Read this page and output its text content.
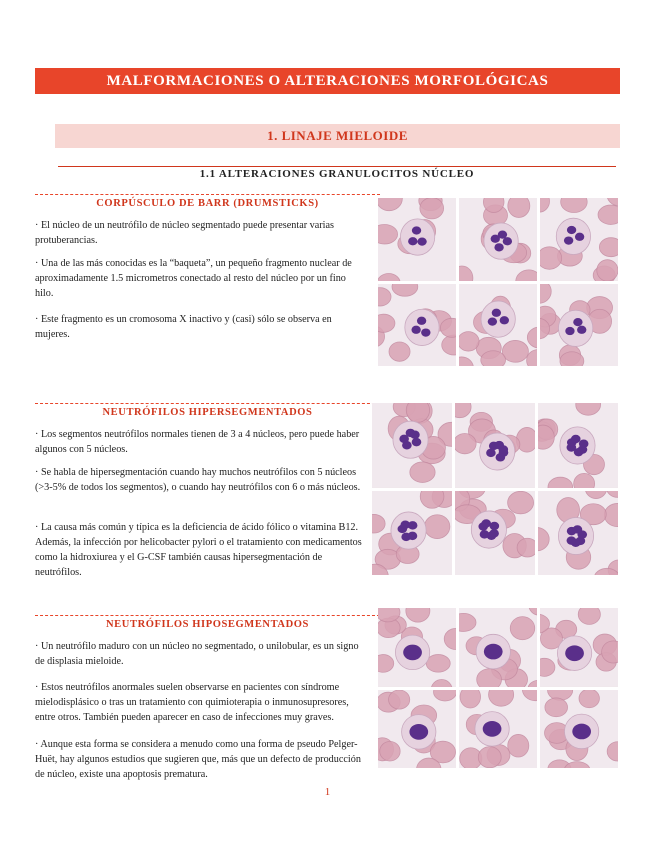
MALFORMACIONES O ALTERACIONES MORFOLÓGICAS
1. LINAJE MIELOIDE
1.1 ALTERACIONES GRANULOCITOS NÚCLEO
CORPÚSCULO DE BARR (DRUMSTICKS)
· El núcleo de un neutrófilo de núcleo segmentado puede presentar varias protuberancias.
· Una de las más conocidas es la “baqueta”, un pequeño fragmento nuclear de aproximadamente 1.5 micrometros conectado al resto del núcleo por un fino hilo.
· Este fragmento es un cromosoma X inactivo y (casi) sólo se observa en mujeres.
NEUTRÓFILOS HIPERSEGMENTADOS
· Los segmentos neutrófilos normales tienen de 3 a 4 núcleos, pero puede haber algunos con 5 núcleos.
· Se habla de hipersegmentación cuando hay muchos neutrófilos con 5 núcleos (>3-5% de todos los segmentos), o cuando hay neutrófilos con 6 o más núcleos.
· La causa más común y típica es la deficiencia de ácido fólico o vitamina B12. Además, la infección por helicobacter pylori o el tratamiento con medicamentos como la hidroxiurea y el G-CSF también causas hipersegmentación de neutrófilos.
NEUTRÓFILOS HIPOSEGMENTADOS
· Un neutrófilo maduro con un núcleo no segmentado, o unilobular, es un signo de displasia mieloide.
· Estos neutrófilos anormales suelen observarse en pacientes con síndrome mielodisplásico o tras un tratamiento con quimioterapia o inmunosupresores, entre otros. También pueden aparecer en caso de infecciones muy graves.
· Aunque esta forma se considera a menudo como una forma de pseudo Pelger-Huët, hay algunos estudios que sugieren que, más que un defecto de producción de núcleo, existe una apoptosis prematura.
1
